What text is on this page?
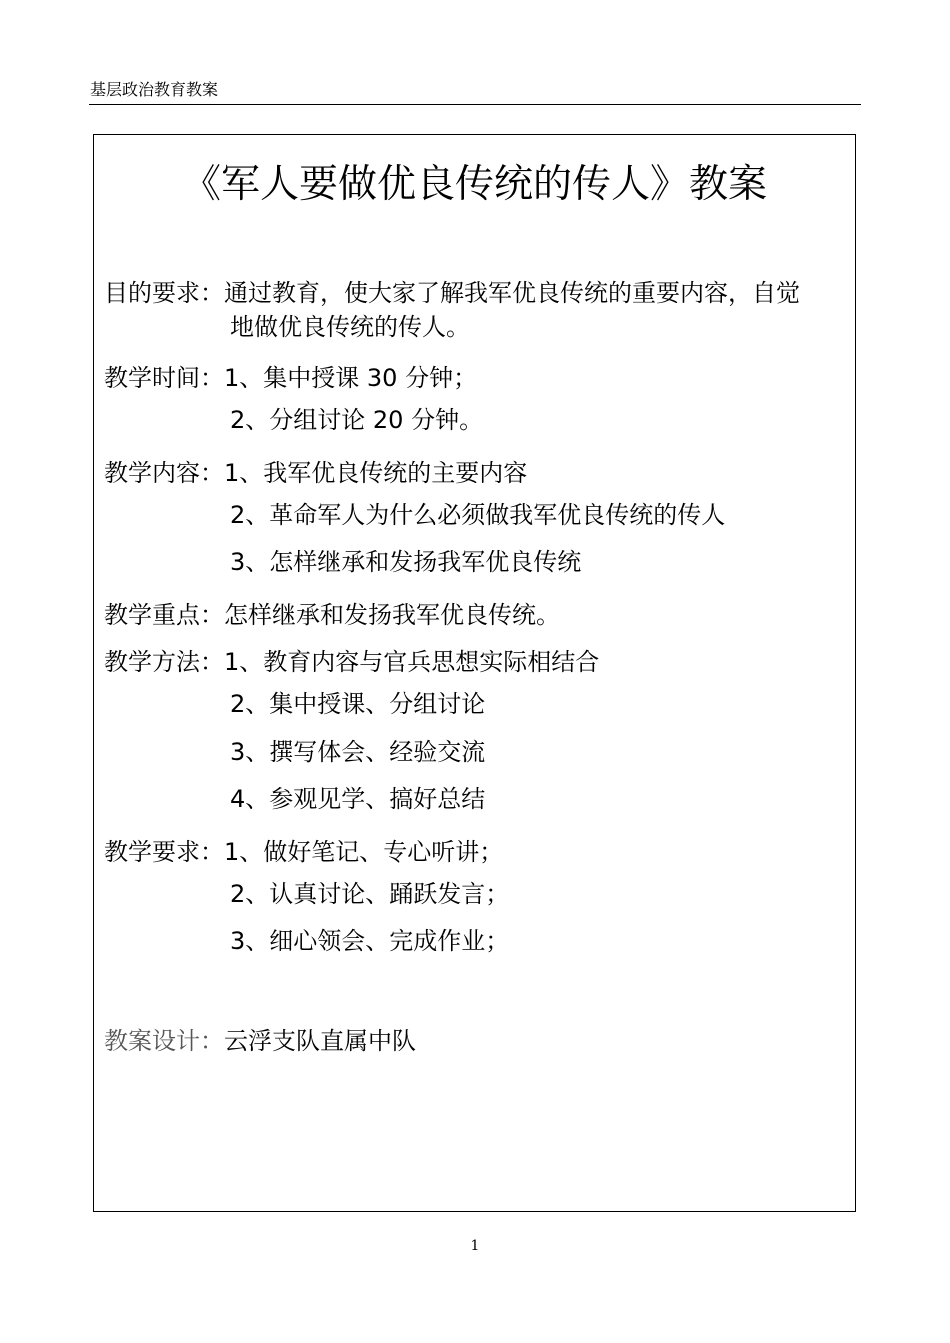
基层政治教育教案
《军人要做优良传统的传人》教案
目的要求：通过教育，使大家了解我军优良传统的重要内容，自觉
地做优良传统的传人。
教学时间：1、集中授课 30 分钟；
2、分组讨论 20 分钟。
教学内容：1、我军优良传统的主要内容
2、革命军人为什么必须做我军优良传统的传人
3、怎样继承和发扬我军优良传统
教学重点：怎样继承和发扬我军优良传统。
教学方法：1、教育内容与官兵思想实际相结合
2、集中授课、分组讨论
3、撰写体会、经验交流
4、参观见学、搞好总结
教学要求：1、做好笔记、专心听讲；
2、认真讨论、踊跃发言；
3、细心领会、完成作业；
教案设计：云浮支队直属中队
1
